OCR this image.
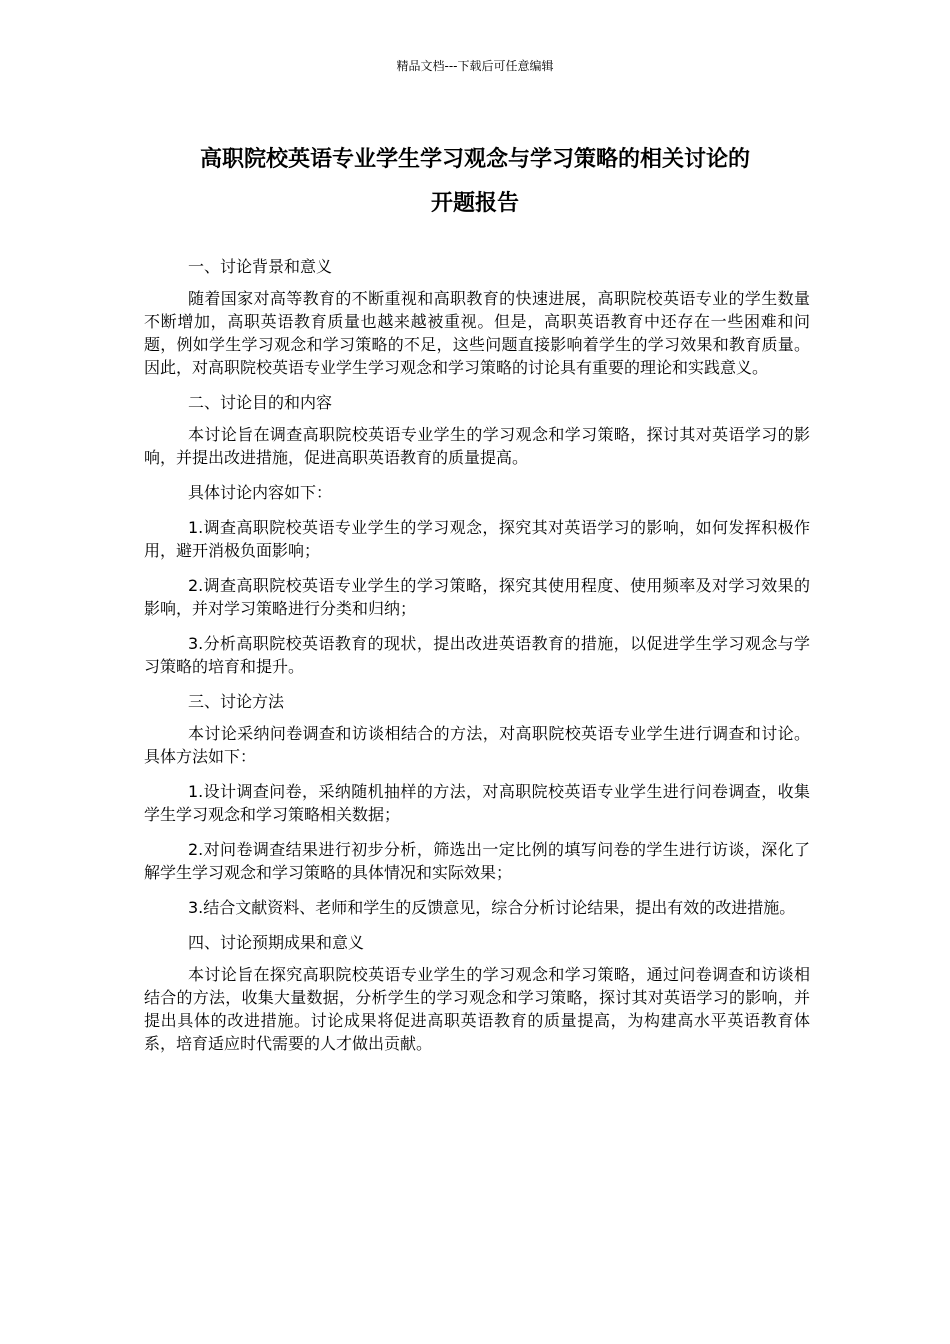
精品文档---下载后可任意编辑
高职院校英语专业学生学习观念与学习策略的相关讨论的
开题报告

一、讨论背景和意义

随着国家对高等教育的不断重视和高职教育的快速进展，高职院校英语专业的学生数量不断增加，高职英语教育质量也越来越被重视。但是，高职英语教育中还存在一些困难和问题，例如学生学习观念和学习策略的不足，这些问题直接影响着学生的学习效果和教育质量。因此，对高职院校英语专业学生学习观念和学习策略的讨论具有重要的理论和实践意义。

二、讨论目的和内容

本讨论旨在调查高职院校英语专业学生的学习观念和学习策略，探讨其对英语学习的影响，并提出改进措施，促进高职英语教育的质量提高。

具体讨论内容如下：

1.调查高职院校英语专业学生的学习观念，探究其对英语学习的影响，如何发挥积极作用，避开消极负面影响；

2.调查高职院校英语专业学生的学习策略，探究其使用程度、使用频率及对学习效果的影响，并对学习策略进行分类和归纳；

3.分析高职院校英语教育的现状，提出改进英语教育的措施，以促进学生学习观念与学习策略的培育和提升。

三、讨论方法

本讨论采纳问卷调查和访谈相结合的方法，对高职院校英语专业学生进行调查和讨论。具体方法如下：

1.设计调查问卷，采纳随机抽样的方法，对高职院校英语专业学生进行问卷调查，收集学生学习观念和学习策略相关数据；

2.对问卷调查结果进行初步分析，筛选出一定比例的填写问卷的学生进行访谈，深化了解学生学习观念和学习策略的具体情况和实际效果；

3.结合文献资料、老师和学生的反馈意见，综合分析讨论结果，提出有效的改进措施。

四、讨论预期成果和意义

本讨论旨在探究高职院校英语专业学生的学习观念和学习策略，通过问卷调查和访谈相结合的方法，收集大量数据，分析学生的学习观念和学习策略，探讨其对英语学习的影响，并提出具体的改进措施。讨论成果将促进高职英语教育的质量提高，为构建高水平英语教育体系，培育适应时代需要的人才做出贡献。
